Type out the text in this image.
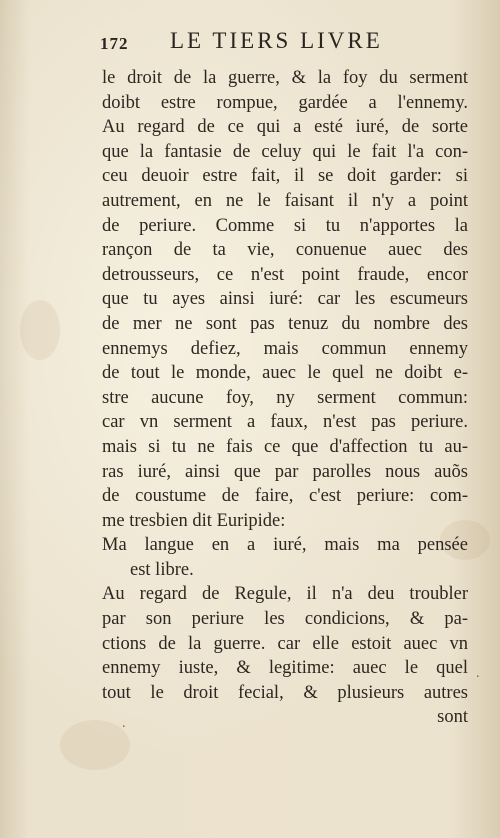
172 LE TIERS LIVRE
le droit de la guerre, & la foy du serment
doibt estre rompue, gardée a l'ennemy.
Au regard de ce qui a esté iuré, de sorte
que la fantasie de celuy qui le fait l'a con-
ceu deuoir estre fait, il se doit garder: si
autrement, en ne le faisant il n'y a point
de periure. Comme si tu n'apportes la
rançon de ta vie, conuenue auec des
detrousseurs, ce n'est point fraude, encor
que tu ayes ainsi iuré: car les escumeurs
de mer ne sont pas tenuz du nombre des
ennemys defiez, mais commun ennemy
de tout le monde, auec le quel ne doibt e-
stre aucune foy, ny serment commun:
car vn serment a faux, n'est pas periure.
mais si tu ne fais ce que d'affection tu au-
ras iuré, ainsi que par parolles nous auõs
de coustume de faire, c'est periure: com-
me tresbien dit Euripide:
Ma langue en a iuré, mais ma pensée
est libre.
Au regard de Regule, il n'a deu troubler
par son periure les condicions, & pa-
ctions de la guerre. car elle estoit auec vn
ennemy iuste, & legitime: auec le quel
tout le droit fecial, & plusieurs autres
sont
.
.
